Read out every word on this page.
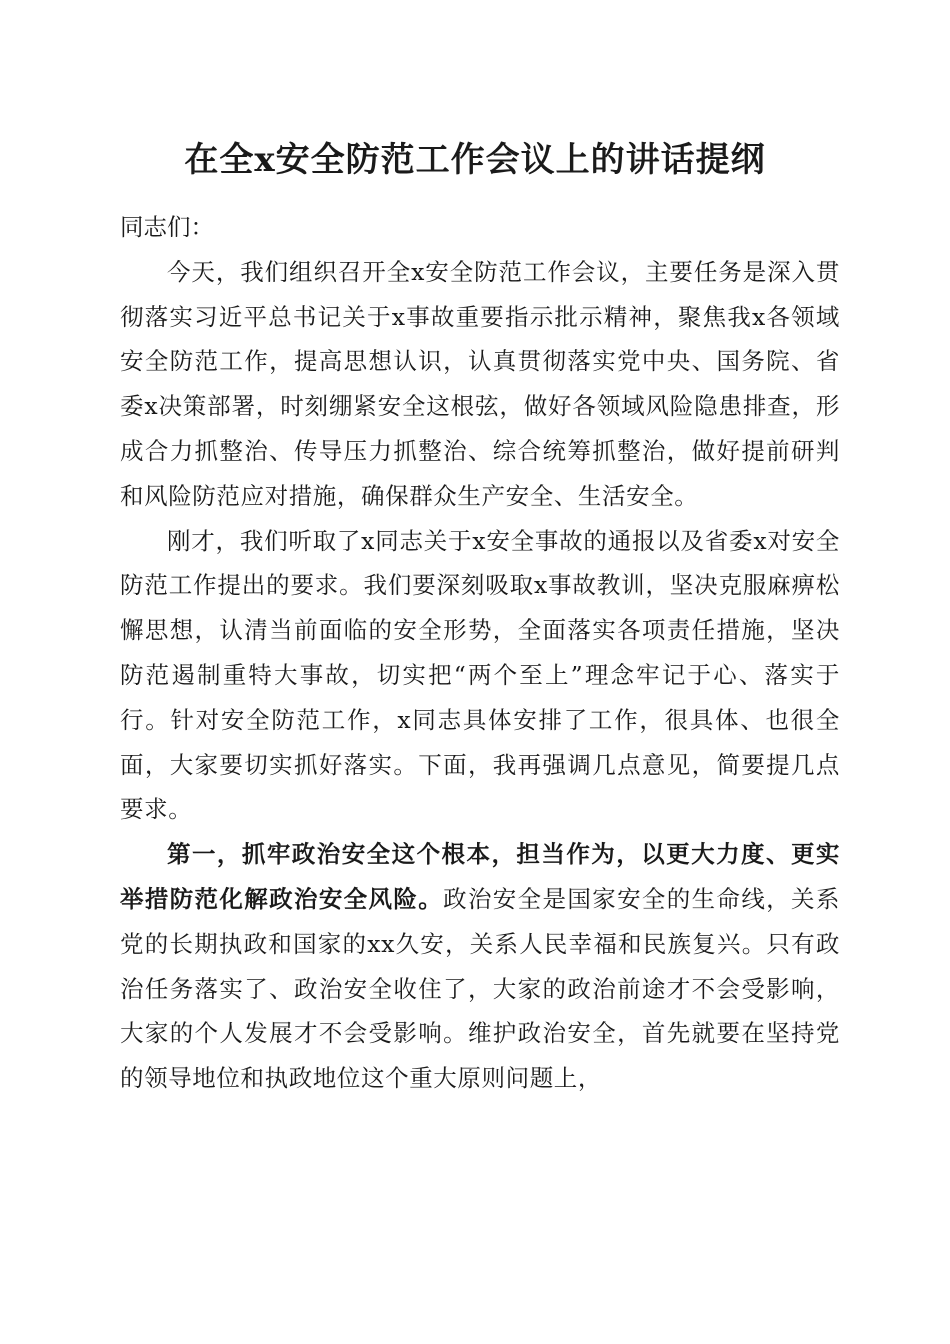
在全x安全防范工作会议上的讲话提纲

同志们：

今天，我们组织召开全x安全防范工作会议，主要任务是深入贯彻落实习近平总书记关于x事故重要指示批示精神，聚焦我x各领域安全防范工作，提高思想认识，认真贯彻落实党中央、国务院、省委x决策部署，时刻绷紧安全这根弦，做好各领域风险隐患排查，形成合力抓整治、传导压力抓整治、综合统筹抓整治，做好提前研判和风险防范应对措施，确保群众生产安全、生活安全。

刚才，我们听取了x同志关于x安全事故的通报以及省委x对安全防范工作提出的要求。我们要深刻吸取x事故教训，坚决克服麻痹松懈思想，认清当前面临的安全形势，全面落实各项责任措施，坚决防范遏制重特大事故，切实把“两个至上”理念牢记于心、落实于行。针对安全防范工作，x同志具体安排了工作，很具体、也很全面，大家要切实抓好落实。下面，我再强调几点意见，简要提几点要求。

第一，抓牢政治安全这个根本，担当作为，以更大力度、更实举措防范化解政治安全风险。政治安全是国家安全的生命线，关系党的长期执政和国家的xx久安，关系人民幸福和民族复兴。只有政治任务落实了、政治安全收住了，大家的政治前途才不会受影响，大家的个人发展才不会受影响。维护政治安全，首先就要在坚持党的领导地位和执政地位这个重大原则问题上，
